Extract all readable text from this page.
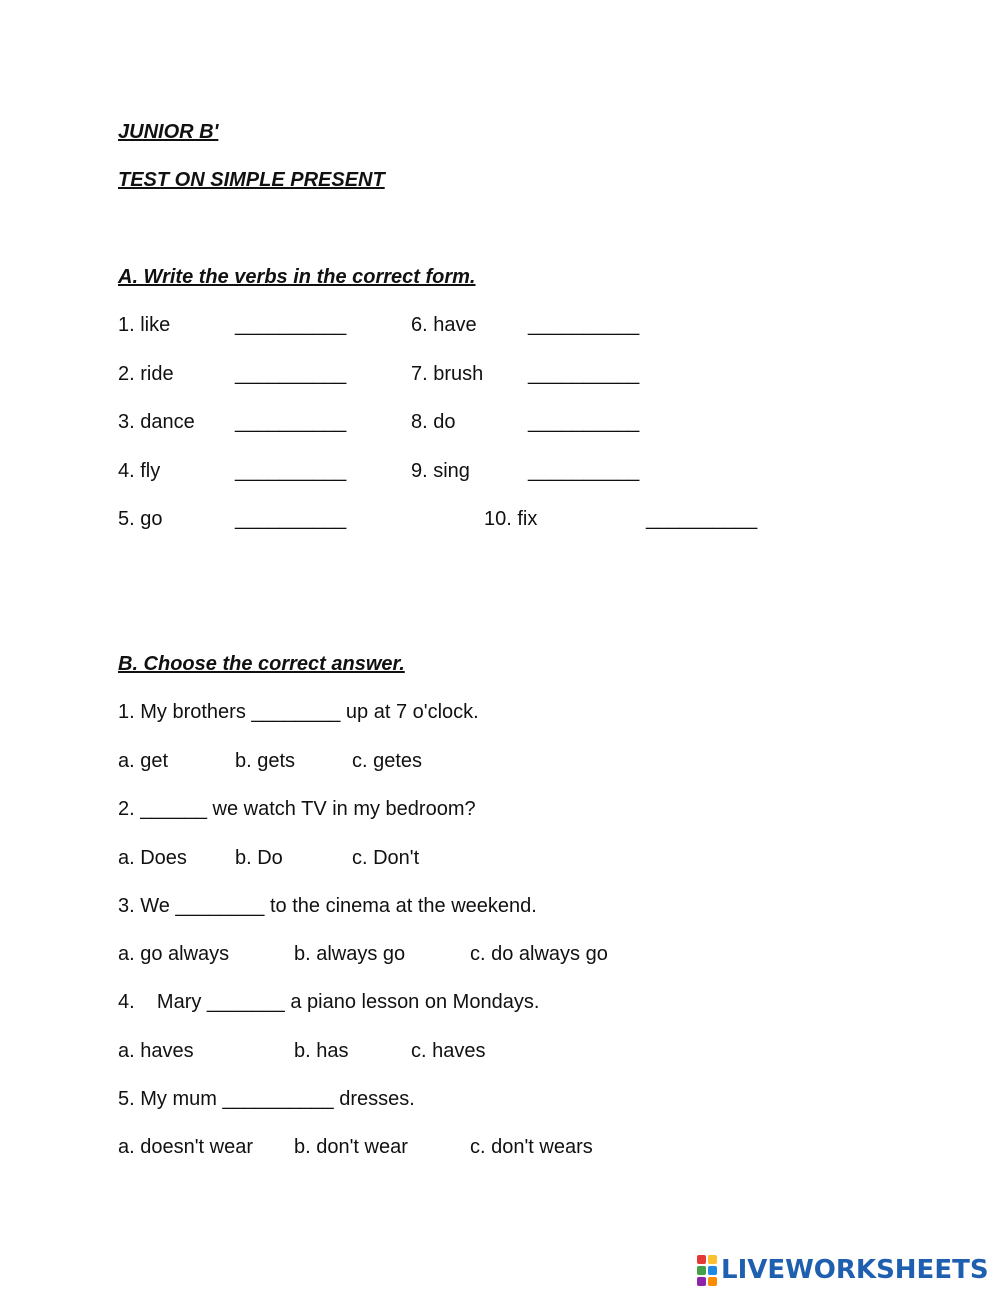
JUNIOR B'
TEST ON SIMPLE PRESENT
A. Write the verbs in the correct form.
1. like	__________	6. have	__________
2. ride	__________	7. brush __________
3. dance __________	8. do	__________
4. fly	__________	9. sing	__________
5. go	__________	10. fix	__________
B. Choose the correct answer.
1. My brothers ________ up at 7 o'clock.
a. get	b. gets	c. getes
2. ______ we watch TV in my bedroom?
a. Does b. Do	c. Don't
3. We ________ to the cinema at the weekend.
a. go always	b. always go	c. do always go
4.    Mary _______ a piano lesson on Mondays.
a. haves	b. has	c. haves
5. My mum __________ dresses.
a. doesn't wear b. don't wear	c. don't wears
LIVEWORKSHEETS
